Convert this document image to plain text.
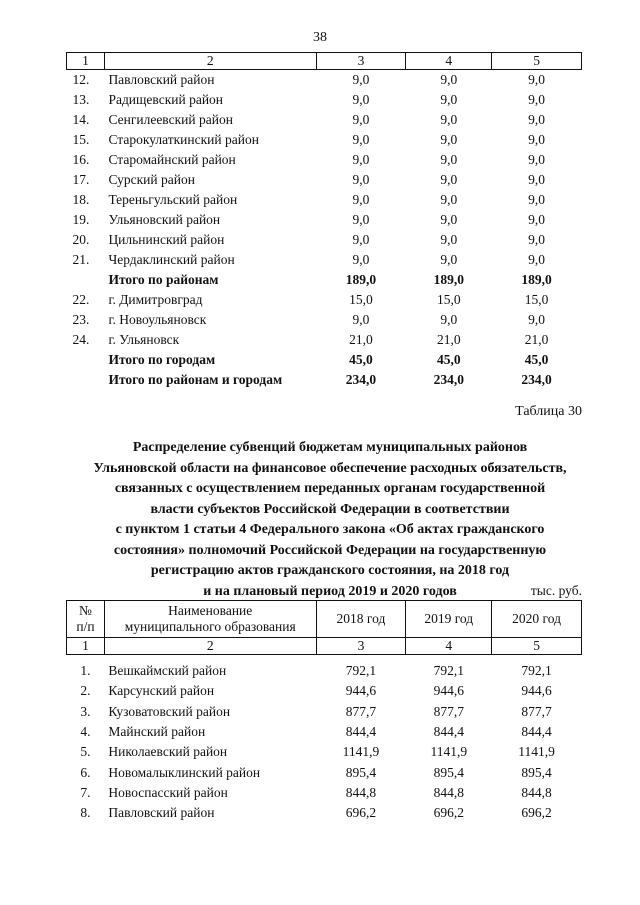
38
1	2	3	4	5
12.	Павловский район	9,0	9,0	9,0
13.	Радищевский район	9,0	9,0	9,0
14.	Сенгилеевский район	9,0	9,0	9,0
15.	Старокулаткинский район	9,0	9,0	9,0
16.	Старомайнский район	9,0	9,0	9,0
17.	Сурский район	9,0	9,0	9,0
18.	Тереньгульский район	9,0	9,0	9,0
19.	Ульяновский район	9,0	9,0	9,0
20.	Цильнинский район	9,0	9,0	9,0
21.	Чердаклинский район	9,0	9,0	9,0
	Итого по районам	189,0	189,0	189,0
22.	г. Димитровград	15,0	15,0	15,0
23.	г. Новоульяновск	9,0	9,0	9,0
24.	г. Ульяновск	21,0	21,0	21,0
	Итого по городам	45,0	45,0	45,0
	Итого по районам и городам	234,0	234,0	234,0
Таблица 30
Распределение субвенций бюджетам муниципальных районов
Ульяновской области на финансовое обеспечение расходных обязательств,
связанных с осуществлением переданных органам государственной
власти субъектов Российской Федерации в соответствии
с пунктом 1 статьи 4 Федерального закона «Об актах гражданского
состояния» полномочий Российской Федерации на государственную
регистрацию актов гражданского состояния, на 2018 год
и на плановый период 2019 и 2020 годов	тыс. руб.
№
п/п	Наименование
муниципального образования	2018 год	2019 год	2020 год
1	2	3	4	5

1.	Вешкаймский район	792,1	792,1	792,1
2.	Карсунский район	944,6	944,6	944,6
3.	Кузоватовский район	877,7	877,7	877,7
4.	Майнский район	844,4	844,4	844,4
5.	Николаевский район	1141,9	1141,9	1141,9
6.	Новомалыклинский район	895,4	895,4	895,4
7.	Новоспасский район	844,8	844,8	844,8
8.	Павловский район	696,2	696,2	696,2
